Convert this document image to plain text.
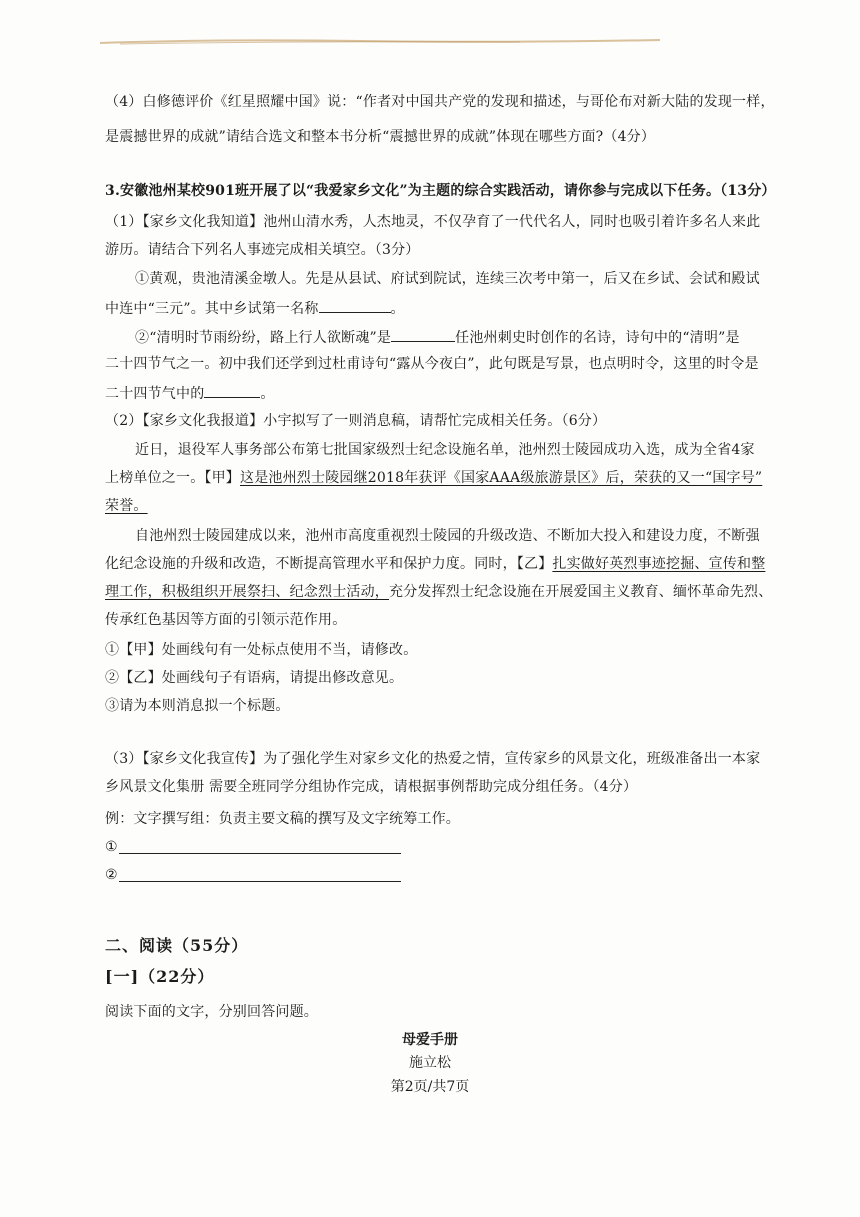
（4）白修德评价《红星照耀中国》说：“作者对中国共产党的发现和描述，与哥伦布对新大陆的发现一样，
是震撼世界的成就”请结合选文和整本书分析“震撼世界的成就”体现在哪些方面?（4分）
3.安徽池州某校901班开展了以“我爱家乡文化”为主题的综合实践活动，请你参与完成以下任务。（13分）
（1）【家乡文化我知道】池州山清水秀，人杰地灵，不仅孕育了一代代名人，同时也吸引着许多名人来此
游历。请结合下列名人事迹完成相关填空。（3分）
①黄观，贵池清溪金墩人。先是从县试、府试到院试，连续三次考中第一，后又在乡试、会试和殿试
中连中“三元”。其中乡试第一名称	。
②“清明时节雨纷纷，路上行人欲断魂”是	任池州刺史时创作的名诗，诗句中的“清明”是
二十四节气之一。初中我们还学到过杜甫诗句“露从今夜白”，此句既是写景，也点明时令，这里的时令是
二十四节气中的	。
（2）【家乡文化我报道】小宇拟写了一则消息稿，请帮忙完成相关任务。（6分）
近日，退役军人事务部公布第七批国家级烈士纪念设施名单，池州烈士陵园成功入选，成为全省4家
上榜单位之一。【甲】这是池州烈士陵园继2018年获评《国家AAA级旅游景区》后，荣获的又一“国字号”
荣誉。
自池州烈士陵园建成以来，池州市高度重视烈士陵园的升级改造、不断加大投入和建设力度，不断强
化纪念设施的升级和改造，不断提高管理水平和保护力度。同时，【乙】扎实做好英烈事迹挖掘、宣传和整
理工作，积极组织开展祭扫、纪念烈士活动，充分发挥烈士纪念设施在开展爱国主义教育、缅怀革命先烈、
传承红色基因等方面的引领示范作用。
①【甲】处画线句有一处标点使用不当，请修改。
②【乙】处画线句子有语病，请提出修改意见。
③请为本则消息拟一个标题。
（3）【家乡文化我宣传】为了强化学生对家乡文化的热爱之情，宣传家乡的风景文化，班级准备出一本家
乡风景文化集册 需要全班同学分组协作完成，请根据事例帮助完成分组任务。（4分）
例：文字撰写组：负责主要文稿的撰写及文字统筹工作。
①
②
二、阅读（55分）
[一]（22分）
阅读下面的文字，分别回答问题。
母爱手册
施立松
第2页/共7页
